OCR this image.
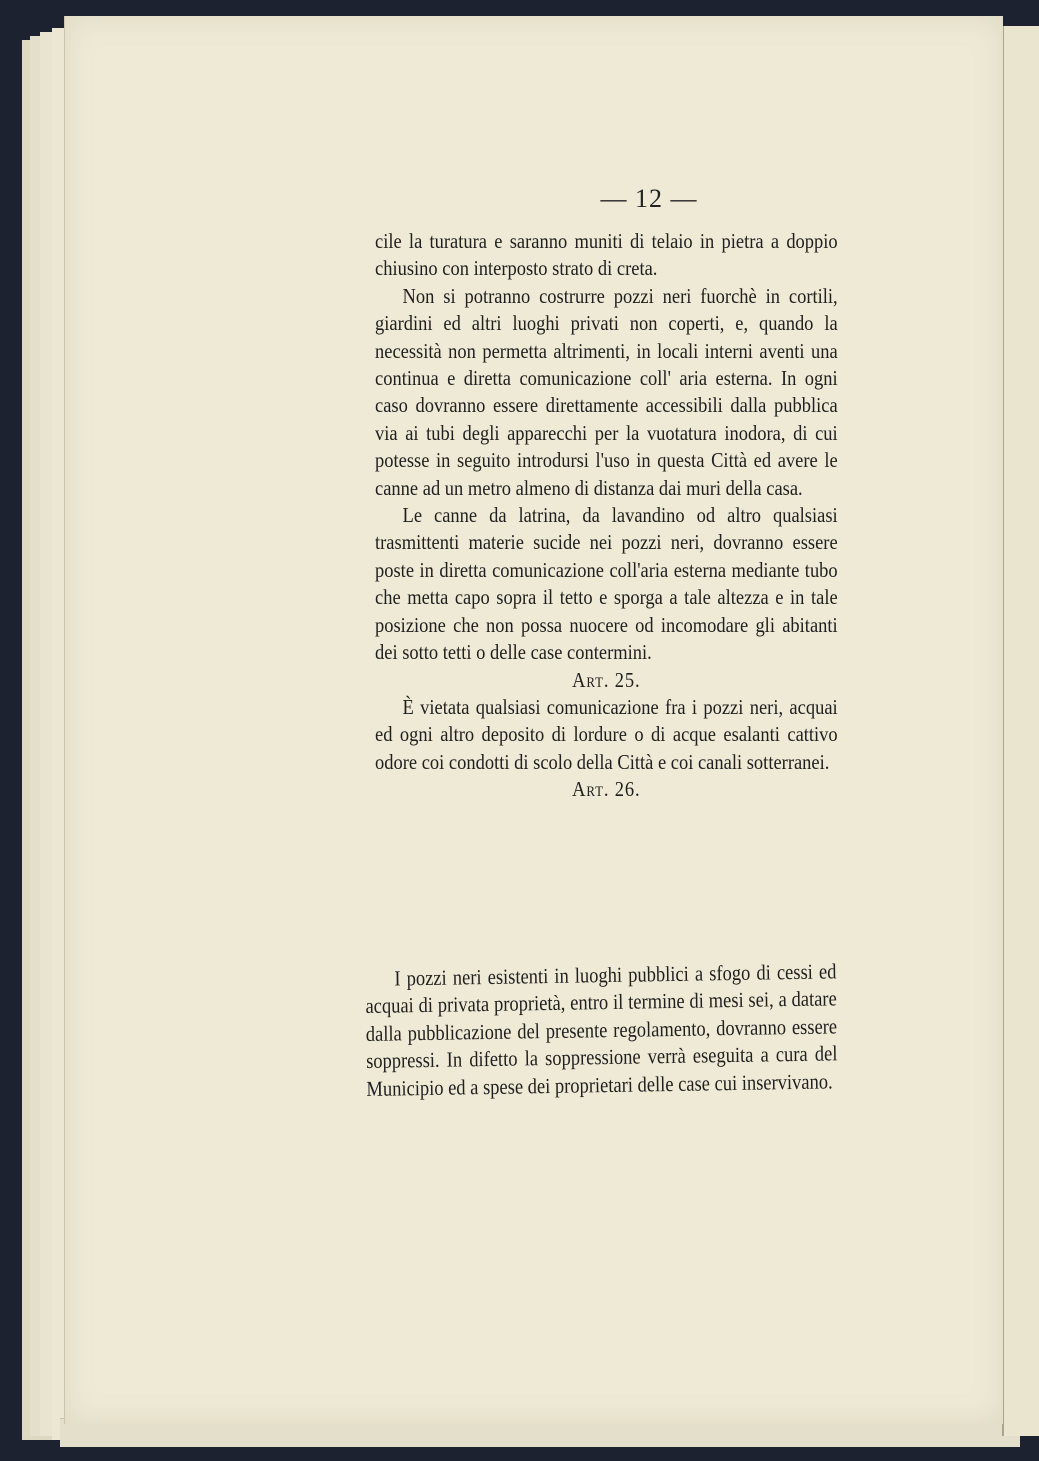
— 12 —

cile la turatura e saranno muniti di telaio in pietra a doppio chiusino con interposto strato di creta.

Non si potranno costrurre pozzi neri fuorchè in cortili, giardini ed altri luoghi privati non coperti, e, quando la necessità non permetta altrimenti, in locali interni aventi una continua e diretta comunicazione coll' aria esterna. In ogni caso dovranno essere direttamente accessibili dalla pubblica via ai tubi degli apparecchi per la vuotatura inodora, di cui potesse in seguito introdursi l'uso in questa Città ed avere le canne ad un metro almeno di distanza dai muri della casa.

Le canne da latrina, da lavandino od altro qualsiasi trasmittenti materie sucide nei pozzi neri, dovranno essere poste in diretta comunicazione coll'aria esterna mediante tubo che metta capo sopra il tetto e sporga a tale altezza e in tale posizione che non possa nuocere od incomodare gli abitanti dei sotto tetti o delle case contermini.

Art. 25.

È vietata qualsiasi comunicazione fra i pozzi neri, acquai ed ogni altro deposito di lordure o di acque esalanti cattivo odore coi condotti di scolo della Città e coi canali sotterranei.

Art. 26.

I pozzi neri esistenti in luoghi pubblici a sfogo di cessi ed acquai di privata proprietà, entro il termine di mesi sei, a datare dalla pubblicazione del presente regolamento, dovranno essere soppressi. In difetto la soppressione verrà eseguita a cura del Municipio ed a spese dei proprietari delle case cui inservivano.
